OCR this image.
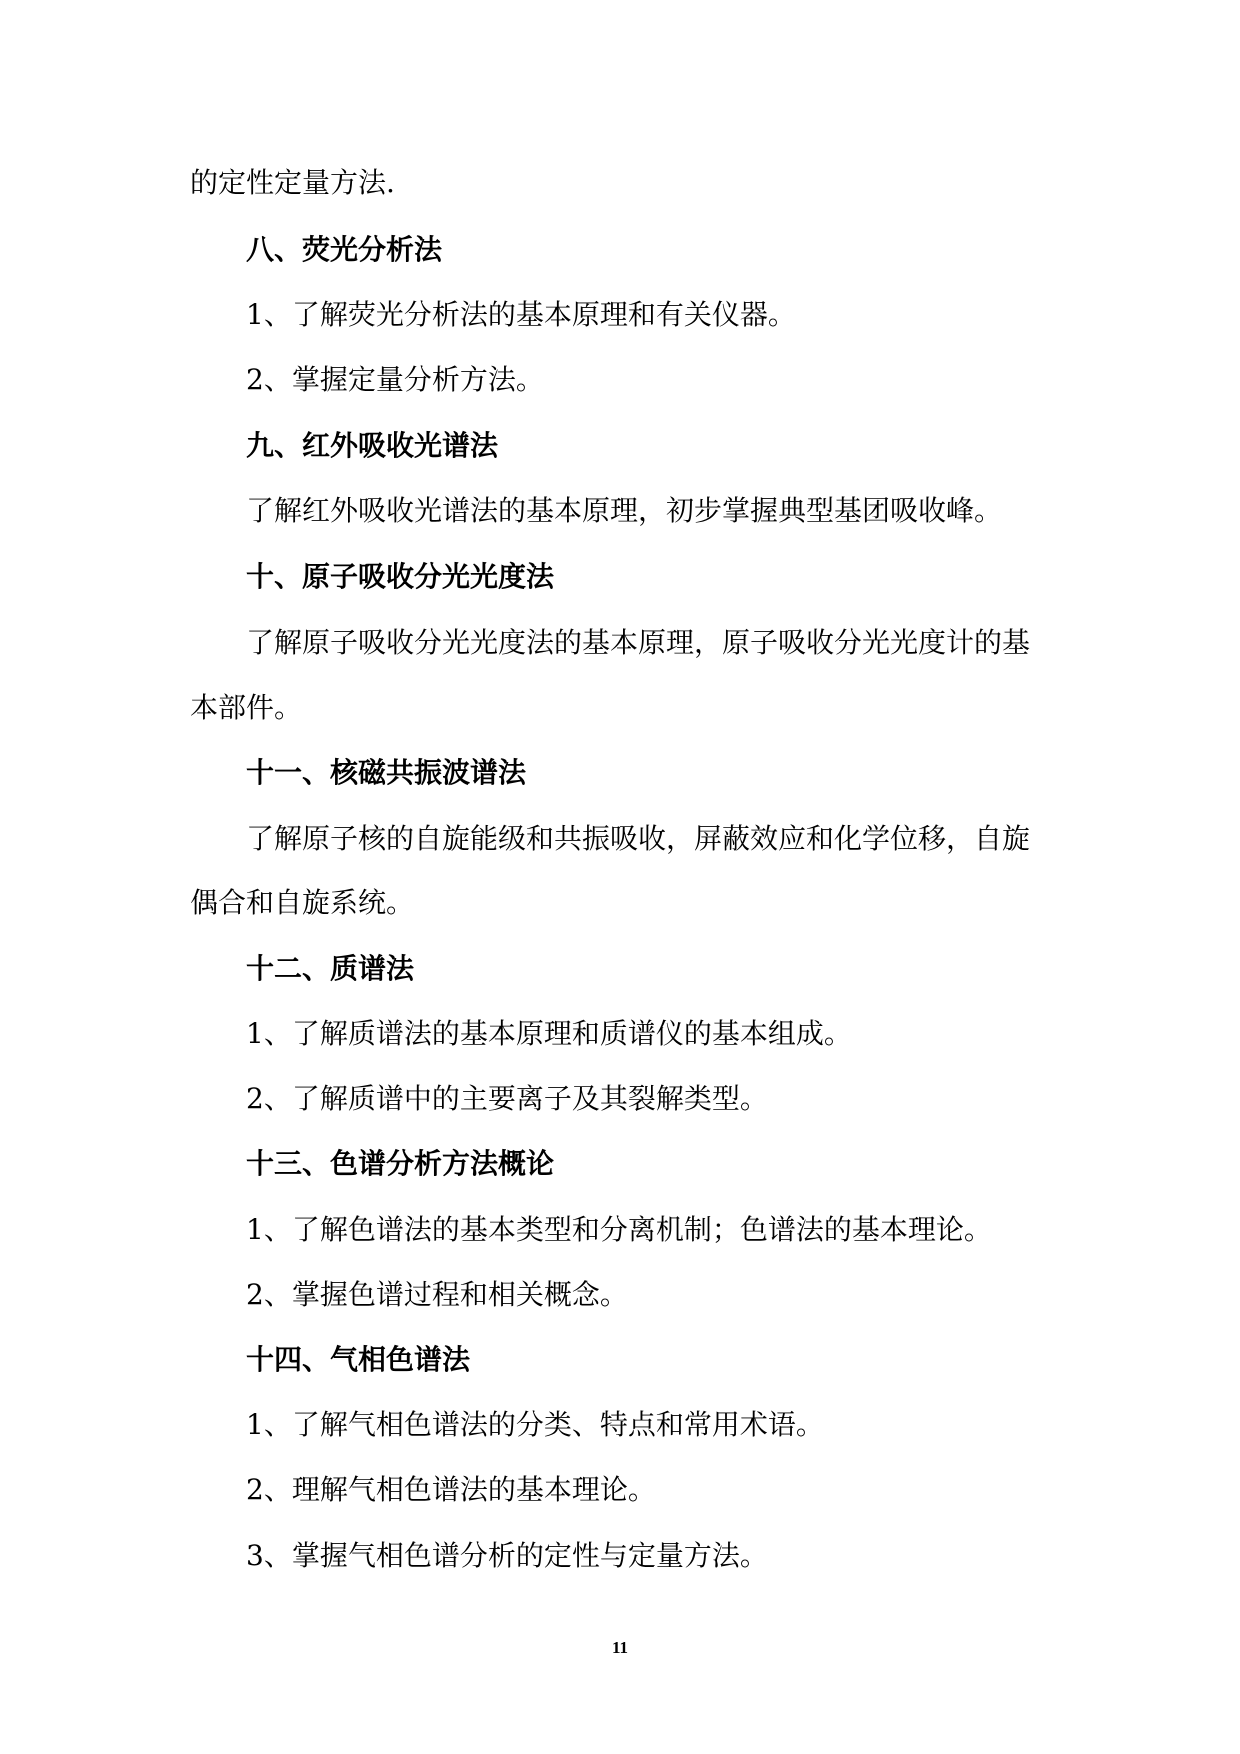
的定性定量方法.
八、荧光分析法
1、了解荧光分析法的基本原理和有关仪器。
2、掌握定量分析方法。
九、红外吸收光谱法
了解红外吸收光谱法的基本原理，初步掌握典型基团吸收峰。
十、原子吸收分光光度法
了解原子吸收分光光度法的基本原理，原子吸收分光光度计的基
本部件。
十一、核磁共振波谱法
了解原子核的自旋能级和共振吸收，屏蔽效应和化学位移，自旋
偶合和自旋系统。
十二、质谱法
1、了解质谱法的基本原理和质谱仪的基本组成。
2、了解质谱中的主要离子及其裂解类型。
十三、色谱分析方法概论
1、了解色谱法的基本类型和分离机制；色谱法的基本理论。
2、掌握色谱过程和相关概念。
十四、气相色谱法
1、了解气相色谱法的分类、特点和常用术语。
2、理解气相色谱法的基本理论。
3、掌握气相色谱分析的定性与定量方法。
11
